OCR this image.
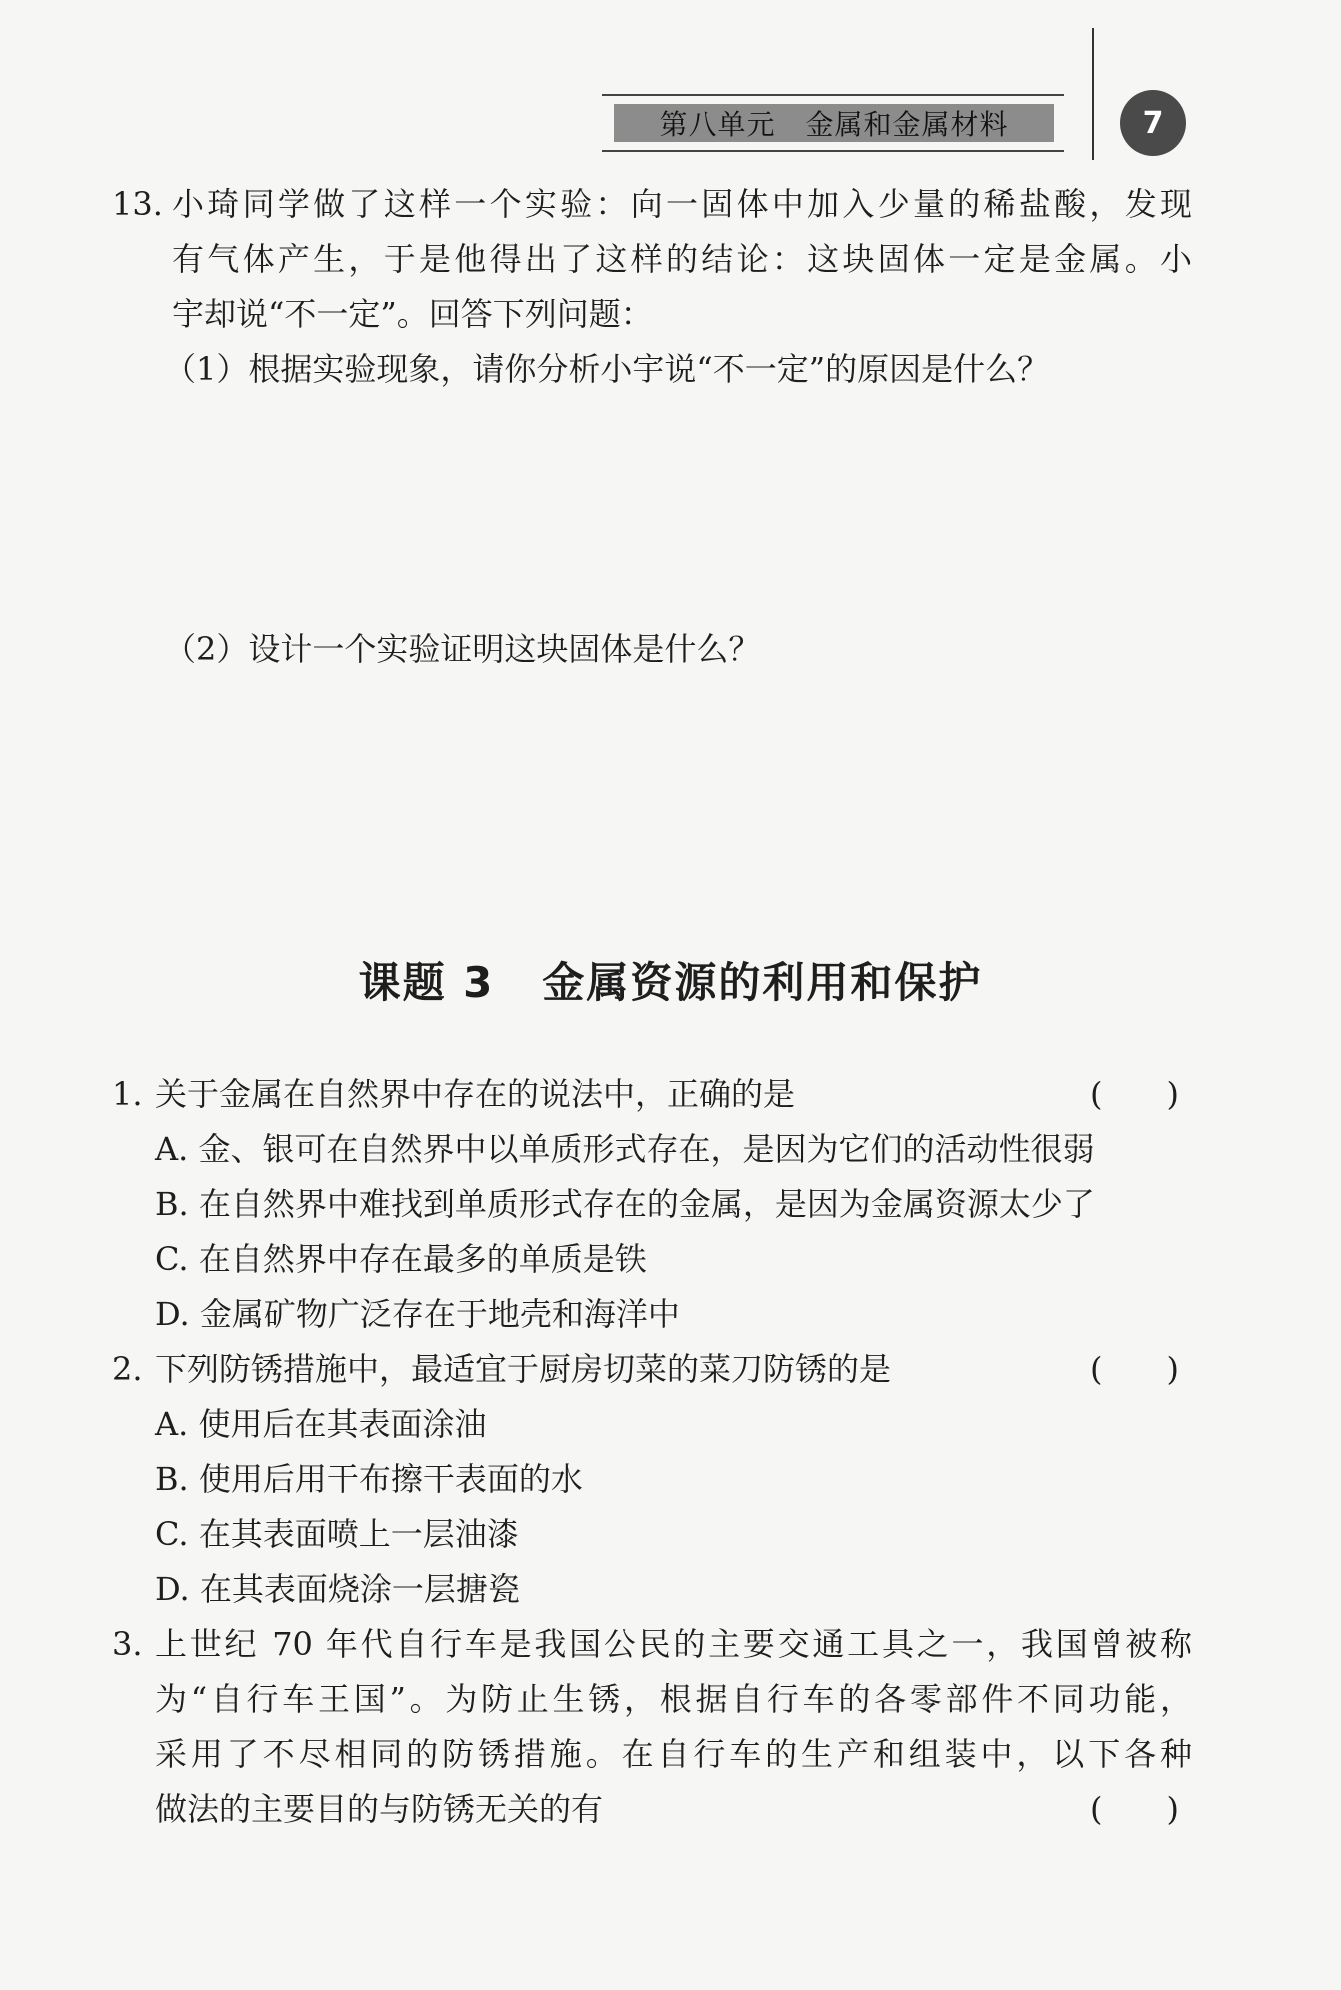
第八单元 金属和金属材料	7
13. 小琦同学做了这样一个实验：向一固体中加入少量的稀盐酸，发现
有气体产生，于是他得出了这样的结论：这块固体一定是金属。小
宇却说“不一定”。回答下列问题：
（1）根据实验现象，请你分析小宇说“不一定”的原因是什么？
（2）设计一个实验证明这块固体是什么？
课题 3 金属资源的利用和保护
1. 关于金属在自然界中存在的说法中，正确的是	(　　)
A. 金、银可在自然界中以单质形式存在，是因为它们的活动性很弱
B. 在自然界中难找到单质形式存在的金属，是因为金属资源太少了
C. 在自然界中存在最多的单质是铁
D. 金属矿物广泛存在于地壳和海洋中
2. 下列防锈措施中，最适宜于厨房切菜的菜刀防锈的是	(　　)
A. 使用后在其表面涂油
B. 使用后用干布擦干表面的水
C. 在其表面喷上一层油漆
D. 在其表面烧涂一层搪瓷
3. 上世纪 70 年代自行车是我国公民的主要交通工具之一，我国曾被称
为“自行车王国”。为防止生锈，根据自行车的各零部件不同功能，
采用了不尽相同的防锈措施。在自行车的生产和组装中，以下各种
做法的主要目的与防锈无关的有	(　　)
